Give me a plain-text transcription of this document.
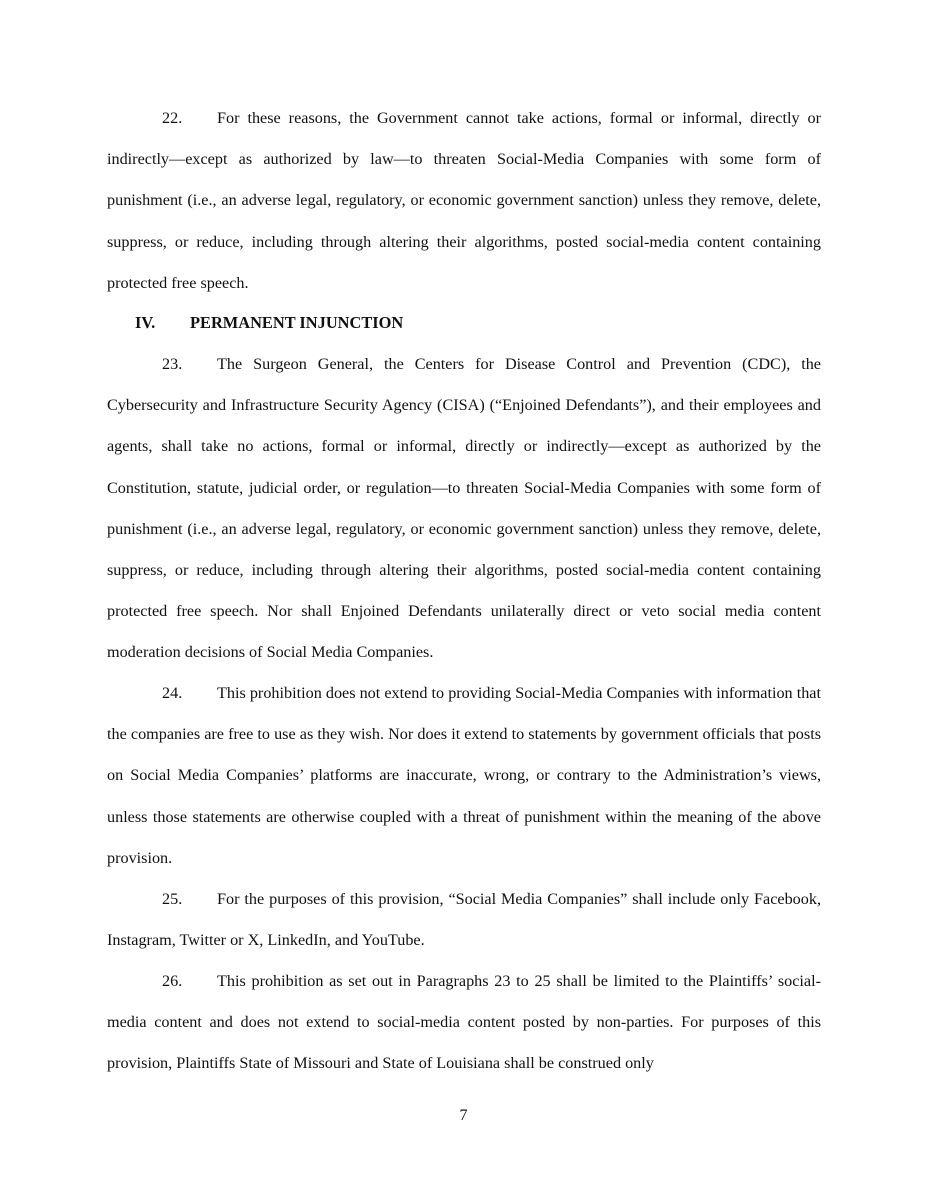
22. For these reasons, the Government cannot take actions, formal or informal, directly or indirectly—except as authorized by law—to threaten Social-Media Companies with some form of punishment (i.e., an adverse legal, regulatory, or economic government sanction) unless they remove, delete, suppress, or reduce, including through altering their algorithms, posted social-media content containing protected free speech.

IV. PERMANENT INJUNCTION

23. The Surgeon General, the Centers for Disease Control and Prevention (CDC), the Cybersecurity and Infrastructure Security Agency (CISA) (“Enjoined Defendants”), and their employees and agents, shall take no actions, formal or informal, directly or indirectly—except as authorized by the Constitution, statute, judicial order, or regulation—to threaten Social-Media Companies with some form of punishment (i.e., an adverse legal, regulatory, or economic government sanction) unless they remove, delete, suppress, or reduce, including through altering their algorithms, posted social-media content containing protected free speech. Nor shall Enjoined Defendants unilaterally direct or veto social media content moderation decisions of Social Media Companies.

24. This prohibition does not extend to providing Social-Media Companies with information that the companies are free to use as they wish. Nor does it extend to statements by government officials that posts on Social Media Companies’ platforms are inaccurate, wrong, or contrary to the Administration’s views, unless those statements are otherwise coupled with a threat of punishment within the meaning of the above provision.

25. For the purposes of this provision, “Social Media Companies” shall include only Facebook, Instagram, Twitter or X, LinkedIn, and YouTube.

26. This prohibition as set out in Paragraphs 23 to 25 shall be limited to the Plaintiffs’ social-media content and does not extend to social-media content posted by non-parties. For purposes of this provision, Plaintiffs State of Missouri and State of Louisiana shall be construed only

7
